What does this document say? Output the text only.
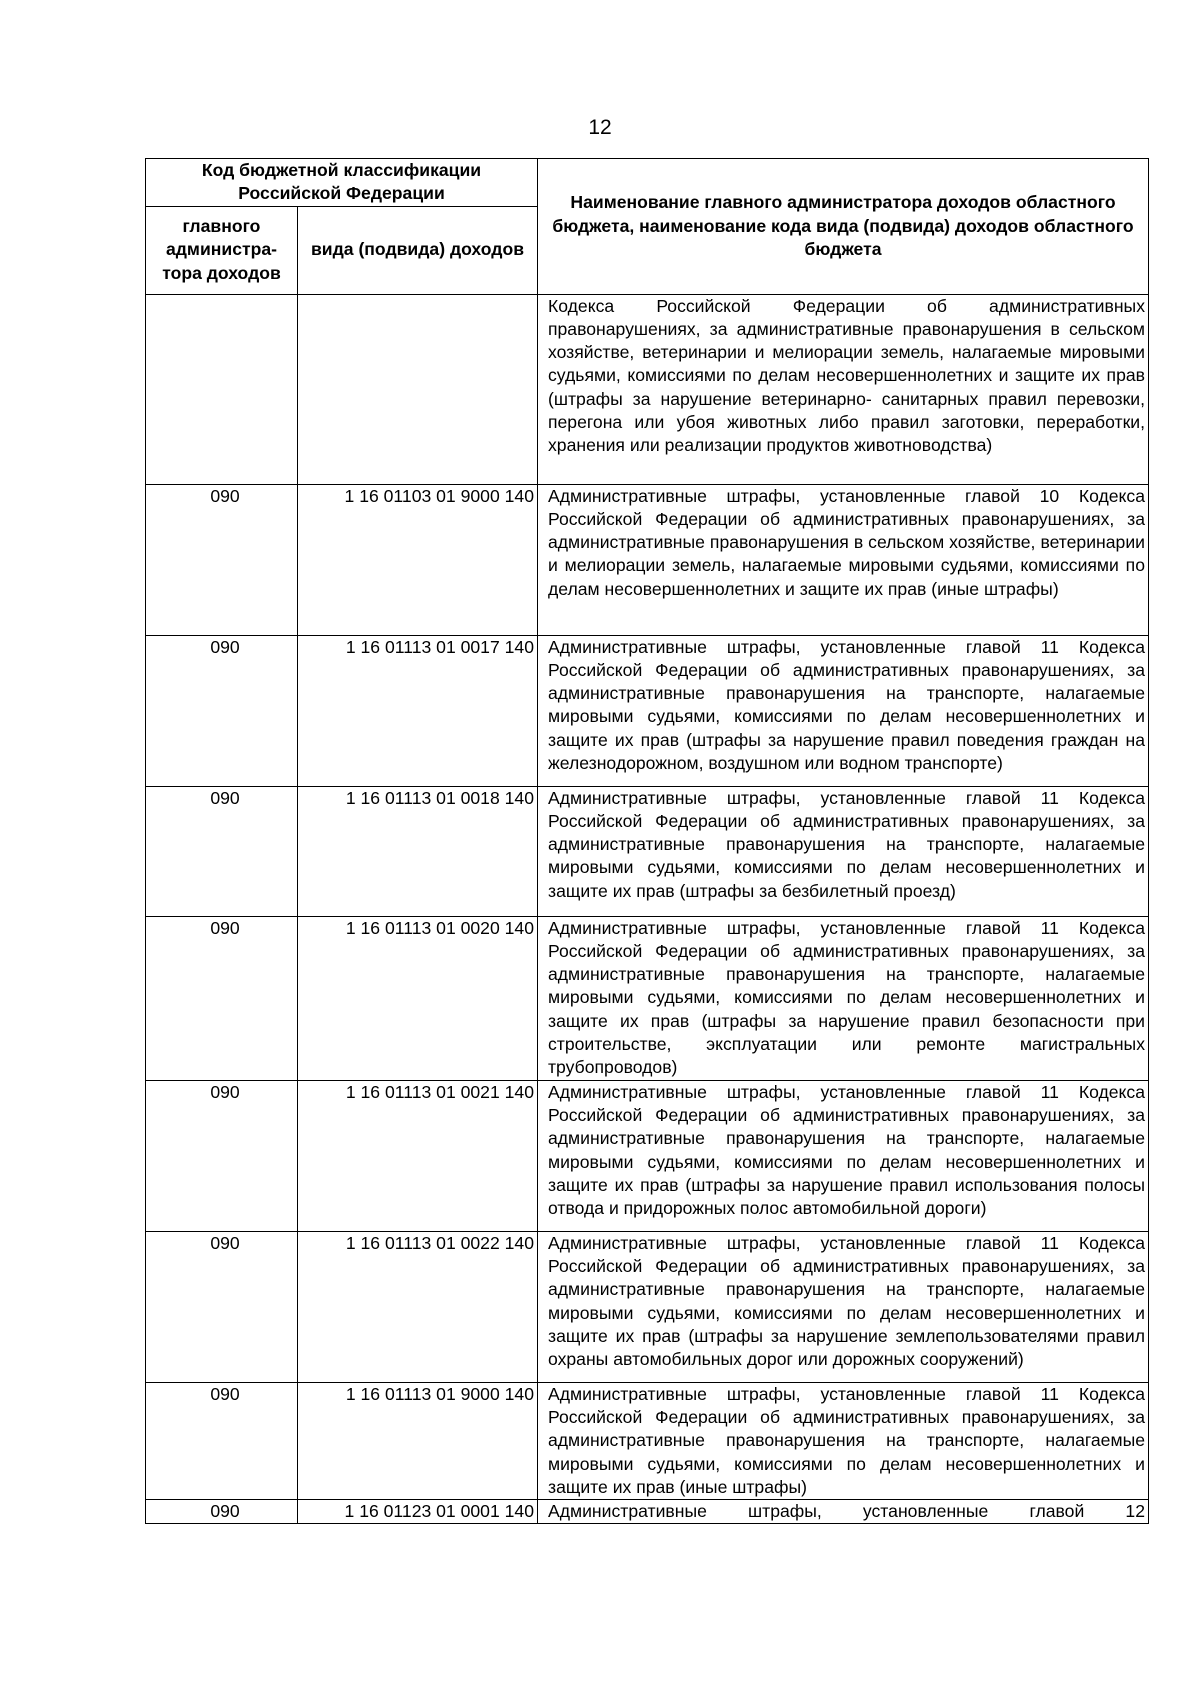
12
Код бюджетной классификации Российской Федерации		Наименование главного администратора доходов областного бюджета, наименование кода вида (подвида) доходов областного бюджета
главного администра-тора доходов	вида (подвида) доходов	

		Кодекса Российской Федерации об административных правонарушениях, за административные правонарушения в сельском хозяйстве, ветеринарии и мелиорации земель, налагаемые мировыми судьями, комиссиями по делам несовершеннолетних и защите их прав (штрафы за нарушение ветеринарно- санитарных правил перевозки, перегона или убоя животных либо правил заготовки, переработки, хранения или реализации продуктов животноводства)

090	1 16 01103 01 9000 140	Административные штрафы, установленные главой 10 Кодекса Российской Федерации об административных правонарушениях, за административные правонарушения в сельском хозяйстве, ветеринарии и мелиорации земель, налагаемые мировыми судьями, комиссиями по делам несовершеннолетних и защите их прав (иные штрафы)

090	1 16 01113 01 0017 140	Административные штрафы, установленные главой 11 Кодекса Российской Федерации об административных правонарушениях, за административные правонарушения на транспорте, налагаемые мировыми судьями, комиссиями по делам несовершеннолетних и защите их прав (штрафы за нарушение правил поведения граждан на железнодорожном, воздушном или водном транспорте)

090	1 16 01113 01 0018 140	Административные штрафы, установленные главой 11 Кодекса Российской Федерации об административных правонарушениях, за административные правонарушения на транспорте, налагаемые мировыми судьями, комиссиями по делам несовершеннолетних и защите их прав (штрафы за безбилетный проезд)

090	1 16 01113 01 0020 140	Административные штрафы, установленные главой 11 Кодекса Российской Федерации об административных правонарушениях, за административные правонарушения на транспорте, налагаемые мировыми судьями, комиссиями по делам несовершеннолетних и защите их прав (штрафы за нарушение правил безопасности при строительстве, эксплуатации или ремонте магистральных трубопроводов)

090	1 16 01113 01 0021 140	Административные штрафы, установленные главой 11 Кодекса Российской Федерации об административных правонарушениях, за административные правонарушения на транспорте, налагаемые мировыми судьями, комиссиями по делам несовершеннолетних и защите их прав (штрафы за нарушение правил использования полосы отвода и придорожных полос автомобильной дороги)

090	1 16 01113 01 0022 140	Административные штрафы, установленные главой 11 Кодекса Российской Федерации об административных правонарушениях, за административные правонарушения на транспорте, налагаемые мировыми судьями, комиссиями по делам несовершеннолетних и защите их прав (штрафы за нарушение землепользователями правил охраны автомобильных дорог или дорожных сооружений)

090	1 16 01113 01 9000 140	Административные штрафы, установленные главой 11 Кодекса Российской Федерации об административных правонарушениях, за административные правонарушения на транспорте, налагаемые мировыми судьями, комиссиями по делам несовершеннолетних и защите их прав (иные штрафы)

090	1 16 01123 01 0001 140	Административные штрафы, установленные главой 12
